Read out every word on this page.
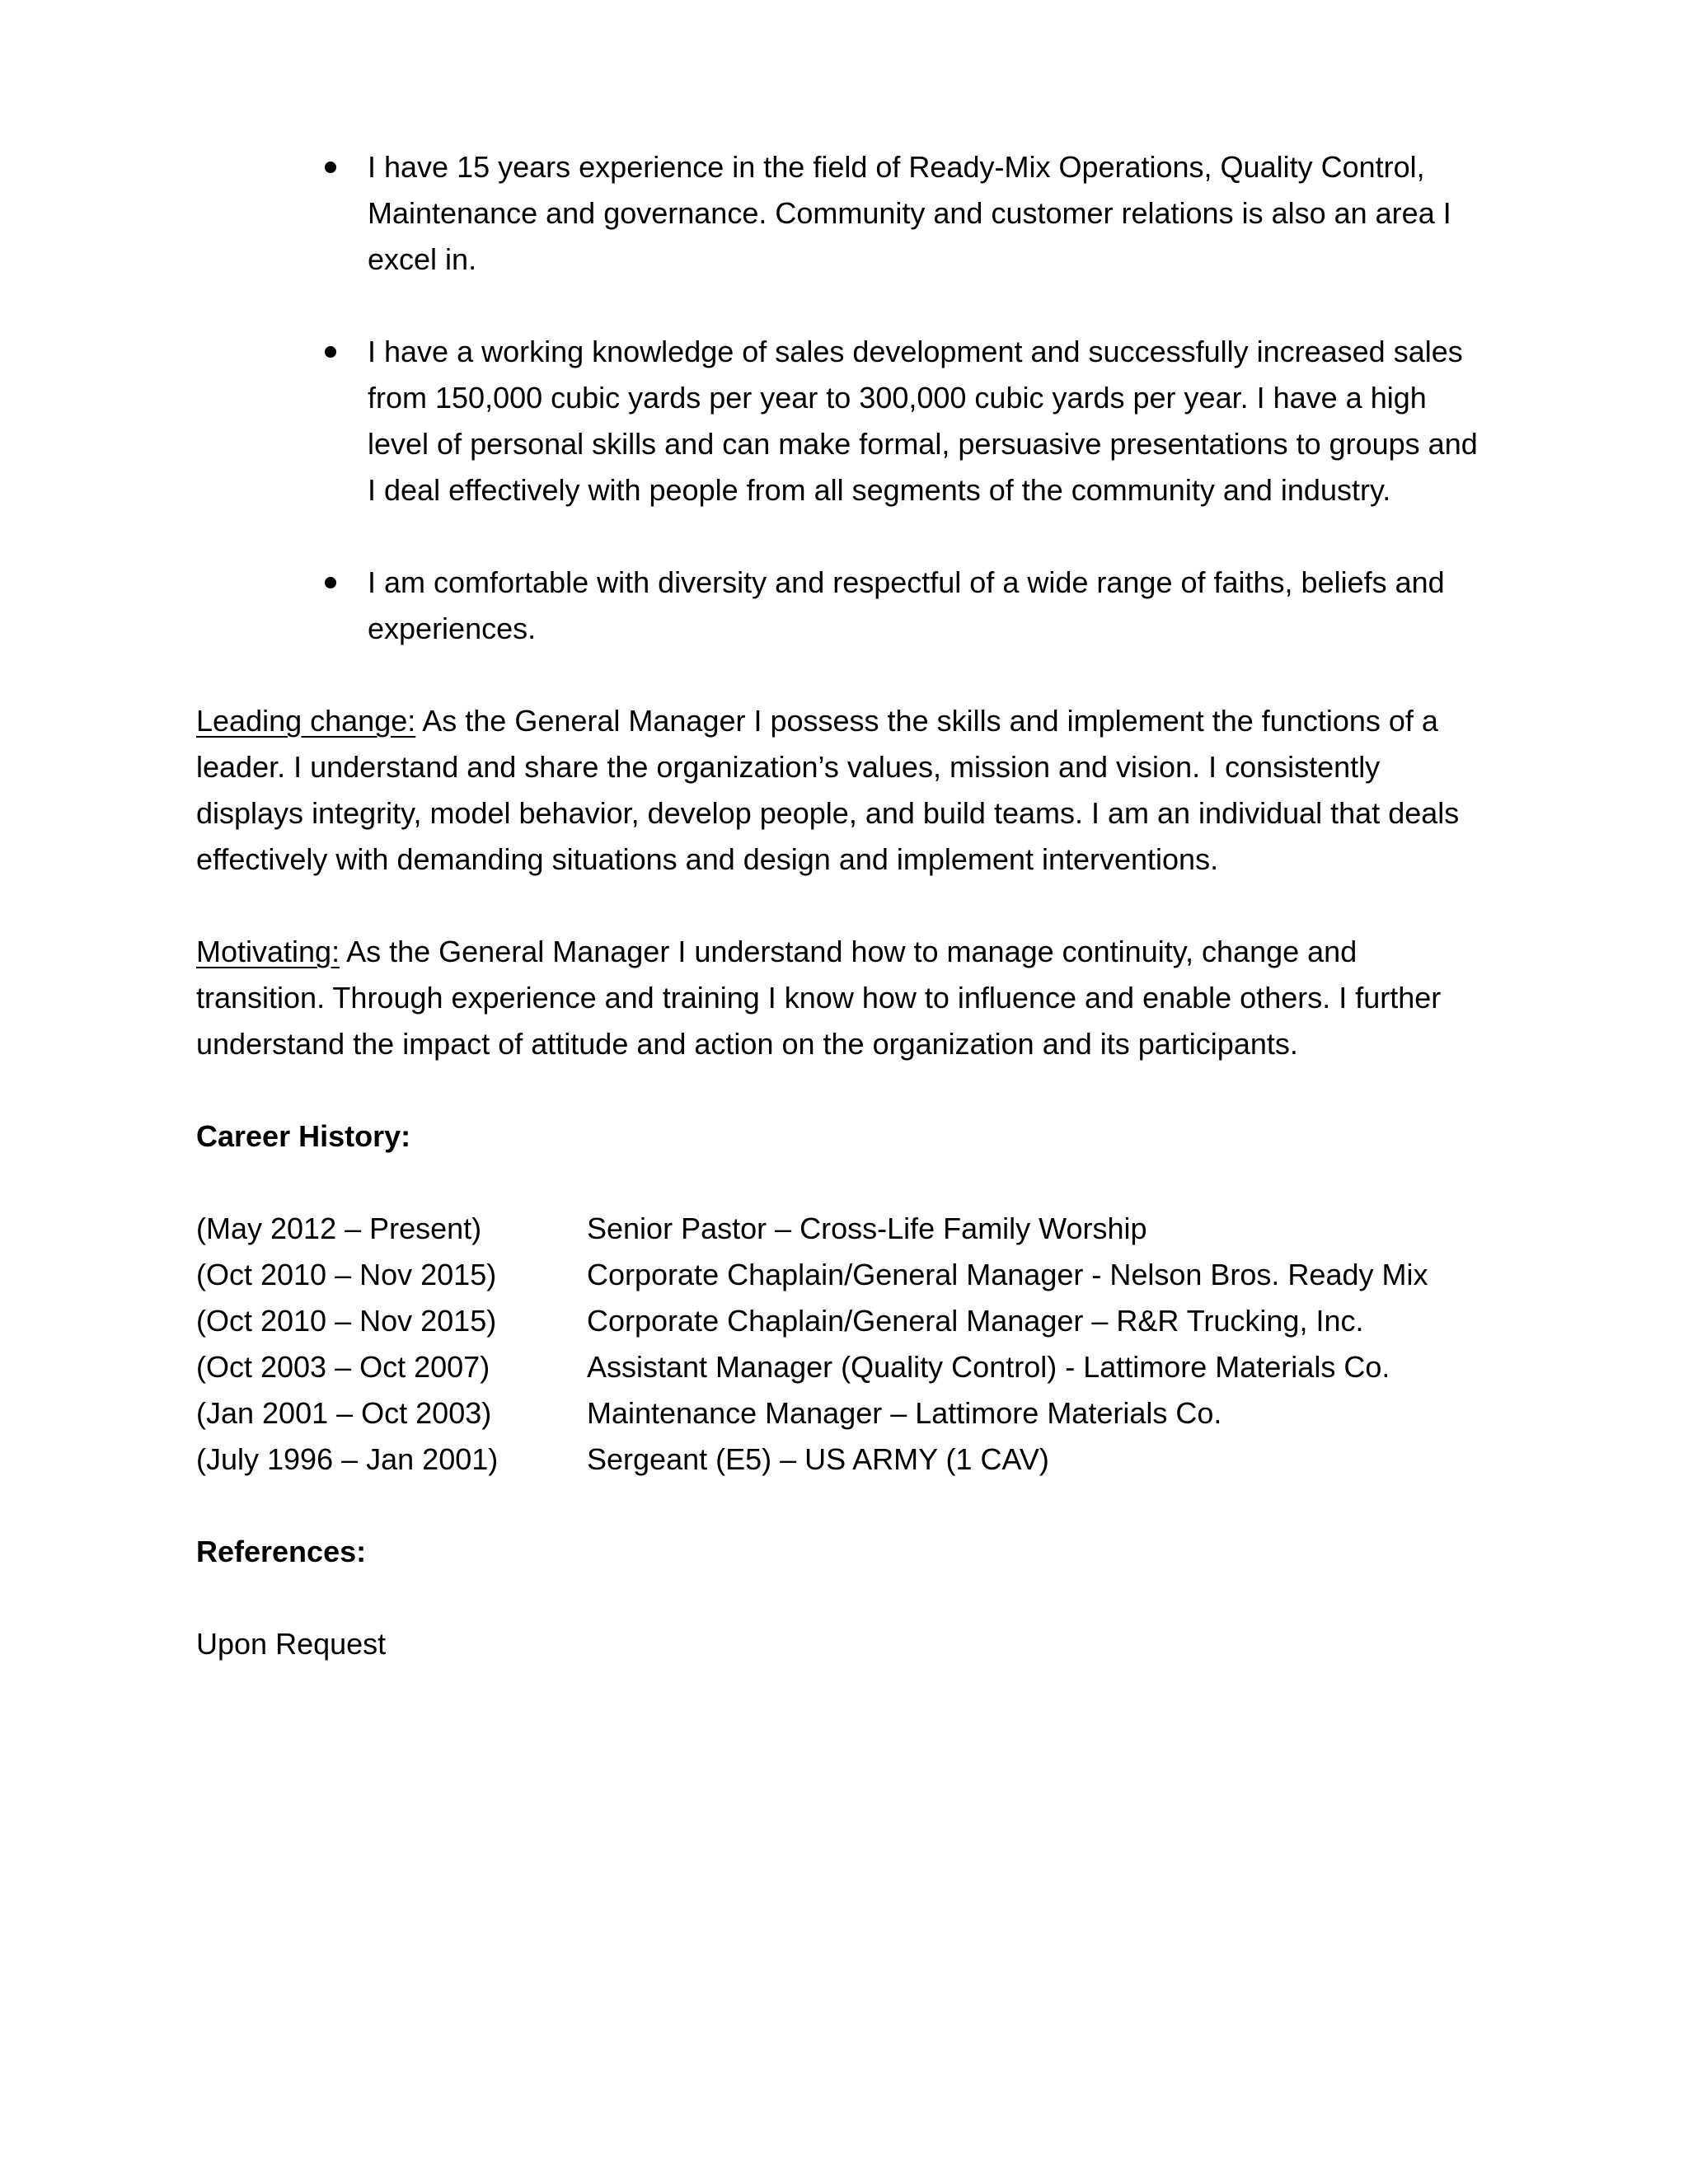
I have 15 years experience in the field of Ready-Mix Operations, Quality Control, Maintenance and governance. Community and customer relations is also an area I excel in.
I have a working knowledge of sales development and successfully increased sales from 150,000 cubic yards per year to 300,000 cubic yards per year. I have a high level of personal skills and can make formal, persuasive presentations to groups and I deal effectively with people from all segments of the community and industry.
I am comfortable with diversity and respectful of a wide range of faiths, beliefs and experiences.

Leading change: As the General Manager I possess the skills and implement the functions of a leader. I understand and share the organization’s values, mission and vision. I consistently displays integrity, model behavior, develop people, and build teams. I am an individual that deals effectively with demanding situations and design and implement interventions.

Motivating: As the General Manager I understand how to manage continuity, change and transition. Through experience and training I know how to influence and enable others. I further understand the impact of attitude and action on the organization and its participants.

Career History:
(May 2012 – Present)	Senior Pastor – Cross-Life Family Worship
(Oct 2010 – Nov 2015)	Corporate Chaplain/General Manager - Nelson Bros. Ready Mix
(Oct 2010 – Nov 2015)	Corporate Chaplain/General Manager – R&R Trucking, Inc.
(Oct 2003 – Oct 2007)	Assistant Manager (Quality Control) - Lattimore Materials Co.
(Jan 2001 – Oct 2003)	Maintenance Manager – Lattimore Materials Co.
(July 1996 – Jan 2001)	Sergeant (E5) – US ARMY (1 CAV)
References:

Upon Request
